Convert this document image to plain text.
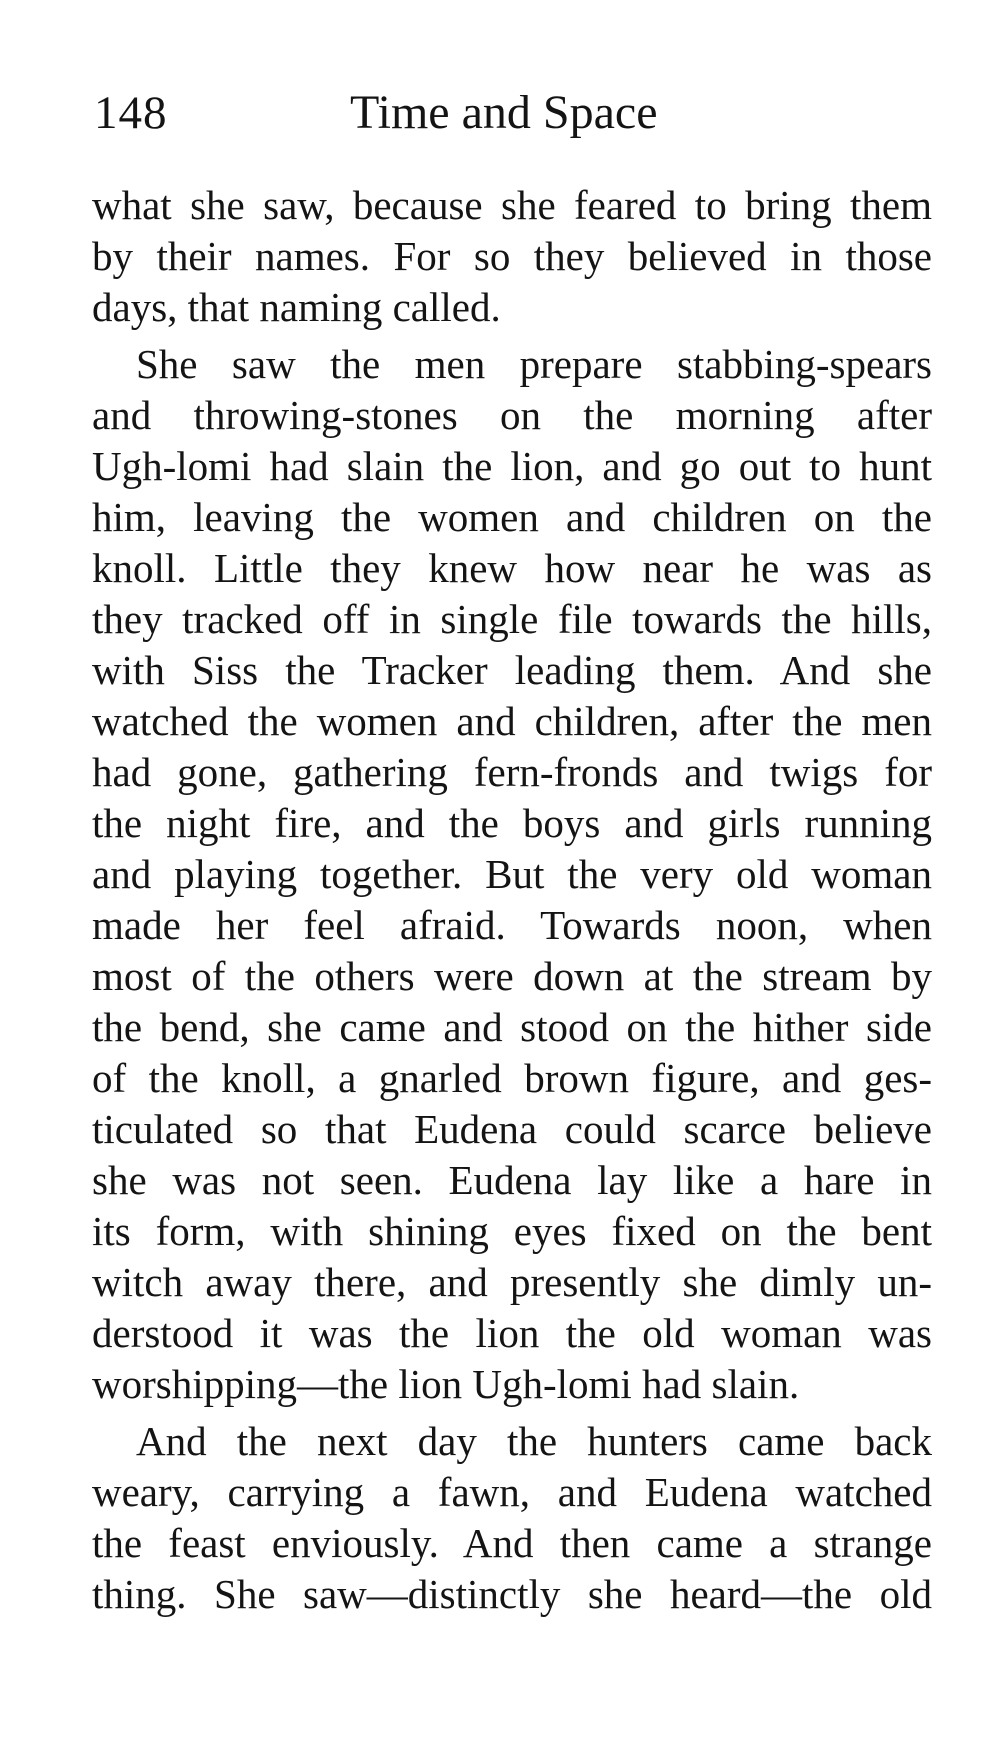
148	Time and Space
what she saw, because she feared to bring them
by their names. For so they believed in those
days, that naming called.
She saw the men prepare stabbing-spears
and throwing-stones on the morning after
Ugh-lomi had slain the lion, and go out to hunt
him, leaving the women and children on the
knoll. Little they knew how near he was as
they tracked off in single file towards the hills,
with Siss the Tracker leading them. And she
watched the women and children, after the men
had gone, gathering fern-fronds and twigs for
the night fire, and the boys and girls running
and playing together. But the very old woman
made her feel afraid. Towards noon, when
most of the others were down at the stream by
the bend, she came and stood on the hither side
of the knoll, a gnarled brown figure, and ges-
ticulated so that Eudena could scarce believe
she was not seen. Eudena lay like a hare in
its form, with shining eyes fixed on the bent
witch away there, and presently she dimly un-
derstood it was the lion the old woman was
worshipping—the lion Ugh-lomi had slain.
And the next day the hunters came back
weary, carrying a fawn, and Eudena watched
the feast enviously. And then came a strange
thing. She saw—distinctly she heard—the old
